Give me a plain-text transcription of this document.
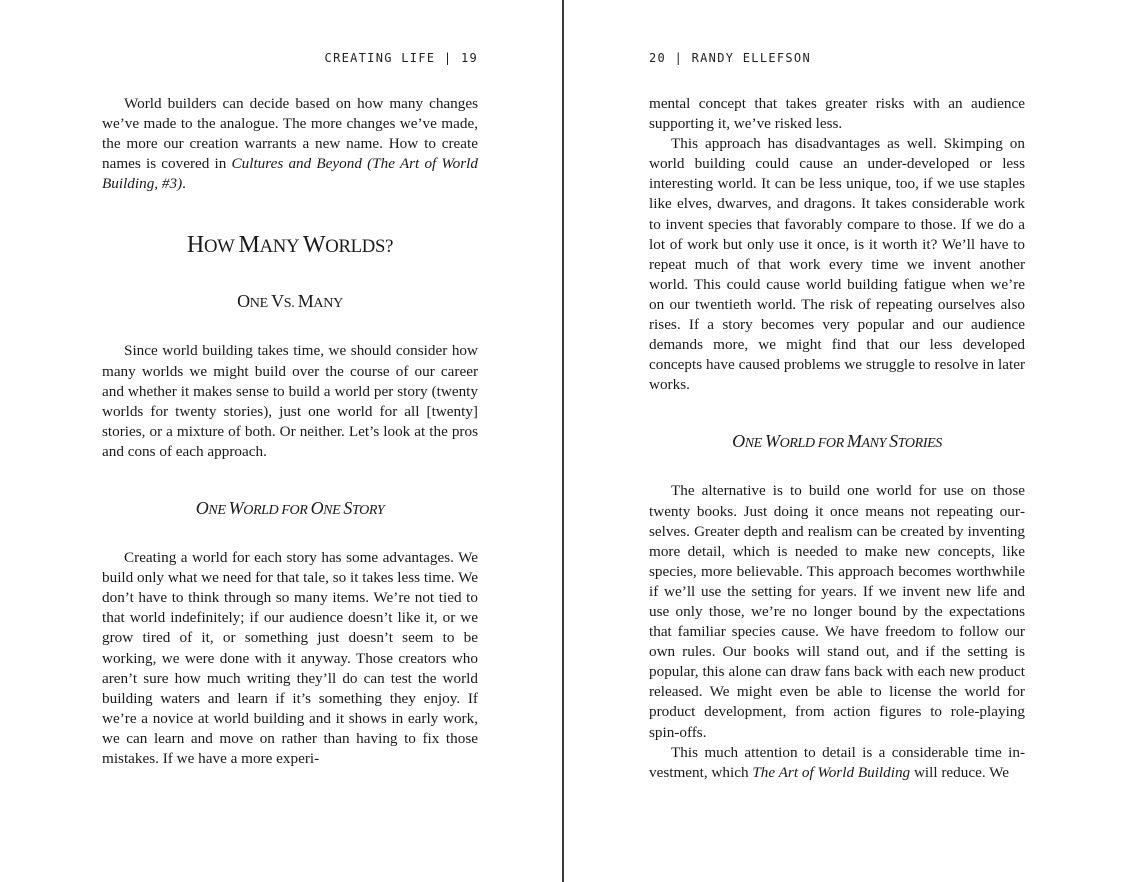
CREATING LIFE | 19

World builders can decide based on how many changes we’ve made to the analogue. The more changes we’ve made, the more our creation warrants a new name. How to create names is covered in Cultures and Beyond (The Art of World Building, #3).

HOW MANY WORLDS?
ONE VS. MANY

Since world building takes time, we should consider how many worlds we might build over the course of our career and whether it makes sense to build a world per story (twenty worlds for twenty stories), just one world for all [twenty] stories, or a mixture of both. Or neither. Let’s look at the pros and cons of each approach.

ONE WORLD FOR ONE STORY

Creating a world for each story has some advantages. We build only what we need for that tale, so it takes less time. We don’t have to think through so many items. We’re not tied to that world indefinitely; if our audience doesn’t like it, or we grow tired of it, or something just doesn’t seem to be working, we were done with it anyway. Those creators who aren’t sure how much writing they’ll do can test the world building waters and learn if it’s something they enjoy. If we’re a novice at world building and it shows in early work, we can learn and move on rather than having to fix those mistakes. If we have a more experi-

20 | RANDY ELLEFSON

mental concept that takes greater risks with an audience supporting it, we’ve risked less.

This approach has disadvantages as well. Skimping on world building could cause an under-developed or less interesting world. It can be less unique, too, if we use staples like elves, dwarves, and dragons. It takes considerable work to invent species that favorably compare to those. If we do a lot of work but only use it once, is it worth it? We’ll have to repeat much of that work every time we invent another world. This could cause world building fatigue when we’re on our twentieth world. The risk of repeating ourselves also rises. If a story becomes very popular and our audience demands more, we might find that our less developed concepts have caused problems we struggle to resolve in later works.

ONE WORLD FOR MANY STORIES

The alternative is to build one world for use on those twenty books. Just doing it once means not repeating ourselves. Greater depth and realism can be created by inventing more detail, which is needed to make new concepts, like species, more believable. This approach becomes worthwhile if we’ll use the setting for years. If we invent new life and use only those, we’re no longer bound by the expectations that familiar species cause. We have freedom to follow our own rules. Our books will stand out, and if the setting is popular, this alone can draw fans back with each new product released. We might even be able to license the world for product development, from action figures to role-playing spin-offs.

This much attention to detail is a considerable time investment, which The Art of World Building will reduce. We
